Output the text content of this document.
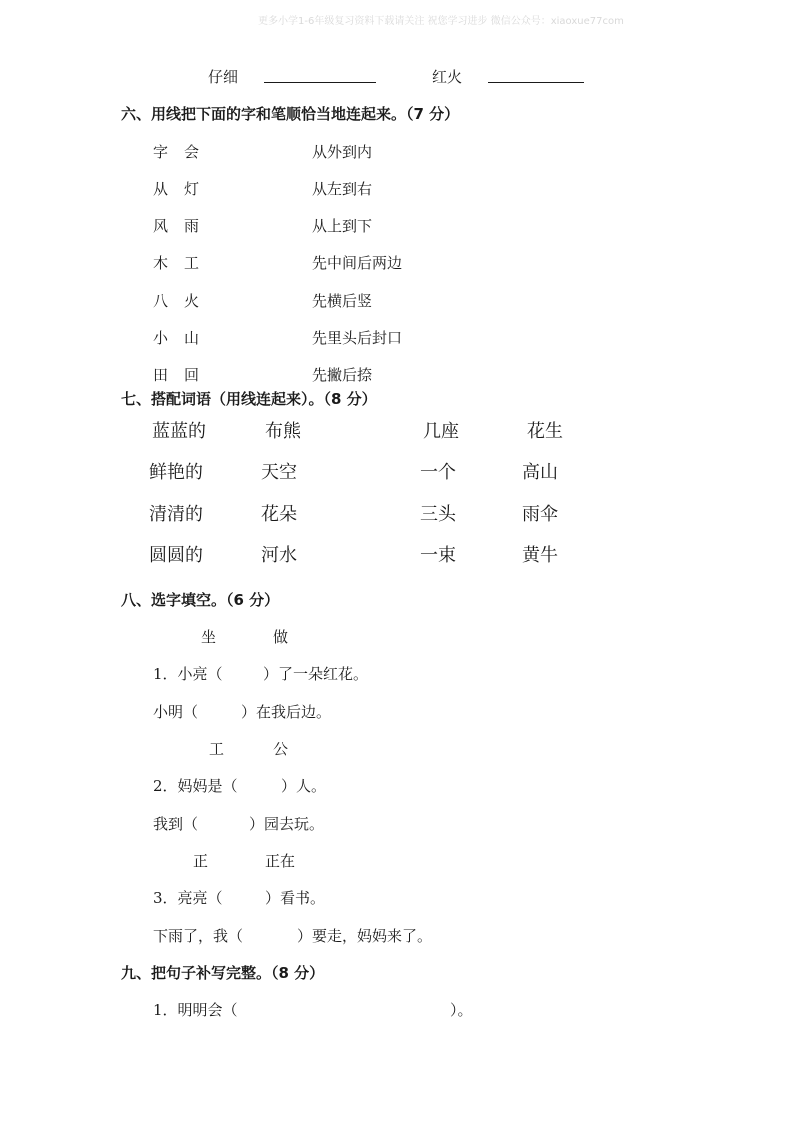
更多小学1-6年级复习资料下载请关注 祝您学习进步 微信公众号：xiaoxue77com
仔细	红火
六、用线把下面的字和笔顺恰当地连起来。（7 分）
字 会	从外到内
从 灯	从左到右
风 雨	从上到下
木 工	先中间后两边
八 火	先横后竖
小 山	先里头后封口
田 回	先撇后捺
七、搭配词语（用线连起来）。（8 分）
蓝蓝的	布熊	几座	花生
鲜艳的	天空	一个	高山
清清的	花朵	三头	雨伞
圆圆的	河水	一束	黄牛
八、选字填空。（6 分）
坐	做
1．小亮（	）了一朵红花。
小明（	）在我后边。
工	公
2．妈妈是（	）人。
我到（	）园去玩。
正	正在
3．亮亮（	）看书。
下雨了，我（	）要走，妈妈来了。
九、把句子补写完整。（8 分）
1．明明会（	）。
